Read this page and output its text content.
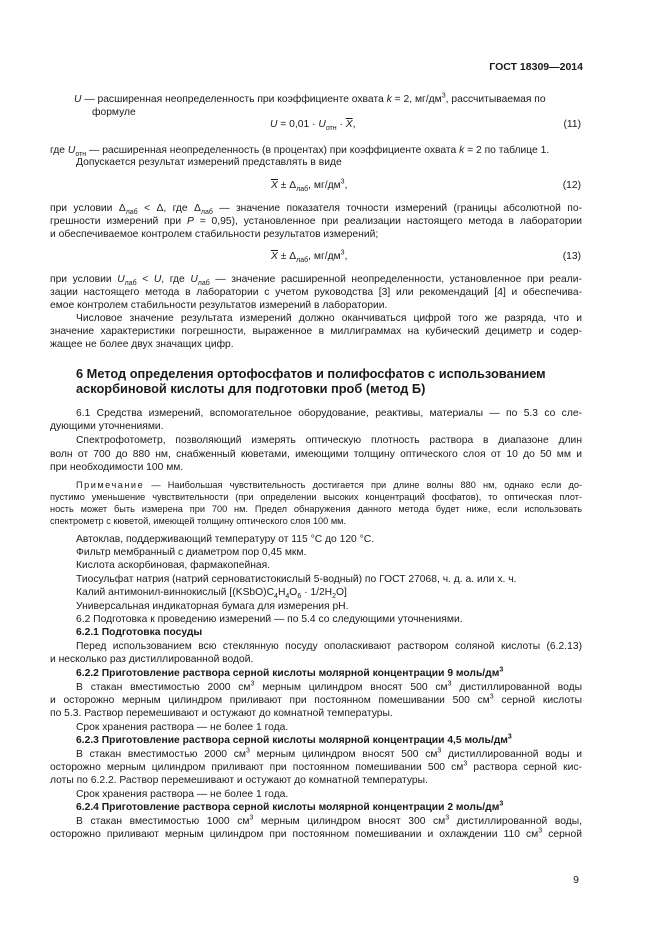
ГОСТ 18309—2014
U — расширенная неопределенность при коэффициенте охвата k = 2, $мг/дм^3$, рассчитываемая по
формуле
$U = 0,01 \cdot U_{отн} \cdot \overline{X}$,	(11)
где $U_{отн}$ — расширенная неопределенность (в процентах) при коэффициенте охвата k = 2 по таблице 1.
Допускается результат измерений представлять в виде
$\overline{X} \pm \Delta_{лаб}$, $мг/дм^3$,	(12)
при условии $\Delta_{лаб} < \Delta$, где $\Delta_{лаб}$ — значение показателя точности измерений (границы абсолютной по-
грешности измерений при P = 0,95), установленное при реализации настоящего метода в лаборатории
и обеспечиваемое контролем стабильности результатов измерений;
$\overline{X} \pm \Delta_{лаб}$, $мг/дм^3$,	(13)
при условии $U_{лаб} < U$, где $U_{лаб}$ — значение расширенной неопределенности, установленное при реали-
зации настоящего метода в лаборатории с учетом руководства [3] или рекомендаций [4] и обеспечива-
емое контролем стабильности результатов измерений в лаборатории.
Числовое значение результата измерений должно оканчиваться цифрой того же разряда, что и
значение характеристики погрешности, выраженное в миллиграммах на кубический дециметр и содер-
жащее не более двух значащих цифр.
6 Метод определения ортофосфатов и полифосфатов с использованием
аскорбиновой кислоты для подготовки проб (метод Б)
6.1 Средства измерений, вспомогательное оборудование, реактивы, материалы — по 5.3 со сле-
дующими уточнениями.
Спектрофотометр, позволяющий измерять оптическую плотность раствора в диапазоне длин
волн от 700 до 880 нм, снабженный кюветами, имеющими толщину оптического слоя от 10 до 50 мм и
при необходимости 100 мм.
Примечание — Наибольшая чувствительность достигается при длине волны 880 нм, однако если до-
пустимо уменьшение чувствительности (при определении высоких концентраций фосфатов), то оптическая плот-
ность может быть измерена при 700 нм. Предел обнаружения данного метода будет ниже, если использовать
спектрометр с кюветой, имеющей толщину оптического слоя 100 мм.
Автоклав, поддерживающий температуру от 115 °С до 120 °С.
Фильтр мембранный с диаметром пор 0,45 мкм.
Кислота аскорбиновая, фармакопейная.
Тиосульфат натрия (натрий серноватистокислый 5-водный) по ГОСТ 27068, ч. д. а. или х. ч.
Калий антимонил-виннокислый $[(KSbO)C_4H_4O_6 \cdot 1/2H_2O]$
Универсальная индикаторная бумага для измерения рН.
6.2 Подготовка к проведению измерений — по 5.4 со следующими уточнениями.
6.2.1 Подготовка посуды
Перед использованием всю стеклянную посуду ополаскивают раствором соляной кислоты (6.2.13)
и несколько раз дистиллированной водой.
6.2.2 Приготовление раствора серной кислоты молярной концентрации 9 моль/$дм^3$
В стакан вместимостью 2000 $см^3$ мерным цилиндром вносят 500 $см^3$ дистиллированной воды
и осторожно мерным цилиндром приливают при постоянном помешивании 500 $см^3$ серной кислоты
по 5.3. Раствор перемешивают и остужают до комнатной температуры.
Срок хранения раствора — не более 1 года.
6.2.3 Приготовление раствора серной кислоты молярной концентрации 4,5 моль/$дм^3$
В стакан вместимостью 2000 $см^3$ мерным цилиндром вносят 500 $см^3$ дистиллированной воды и
осторожно мерным цилиндром приливают при постоянном помешивании 500 $см^3$ раствора серной кис-
лоты по 6.2.2. Раствор перемешивают и остужают до комнатной температуры.
Срок хранения раствора — не более 1 года.
6.2.4 Приготовление раствора серной кислоты молярной концентрации 2 моль/$дм^3$
В стакан вместимостью 1000 $см^3$ мерным цилиндром вносят 300 $см^3$ дистиллированной воды,
осторожно приливают мерным цилиндром при постоянном помешивании и охлаждении 110 $см^3$ серной
9
